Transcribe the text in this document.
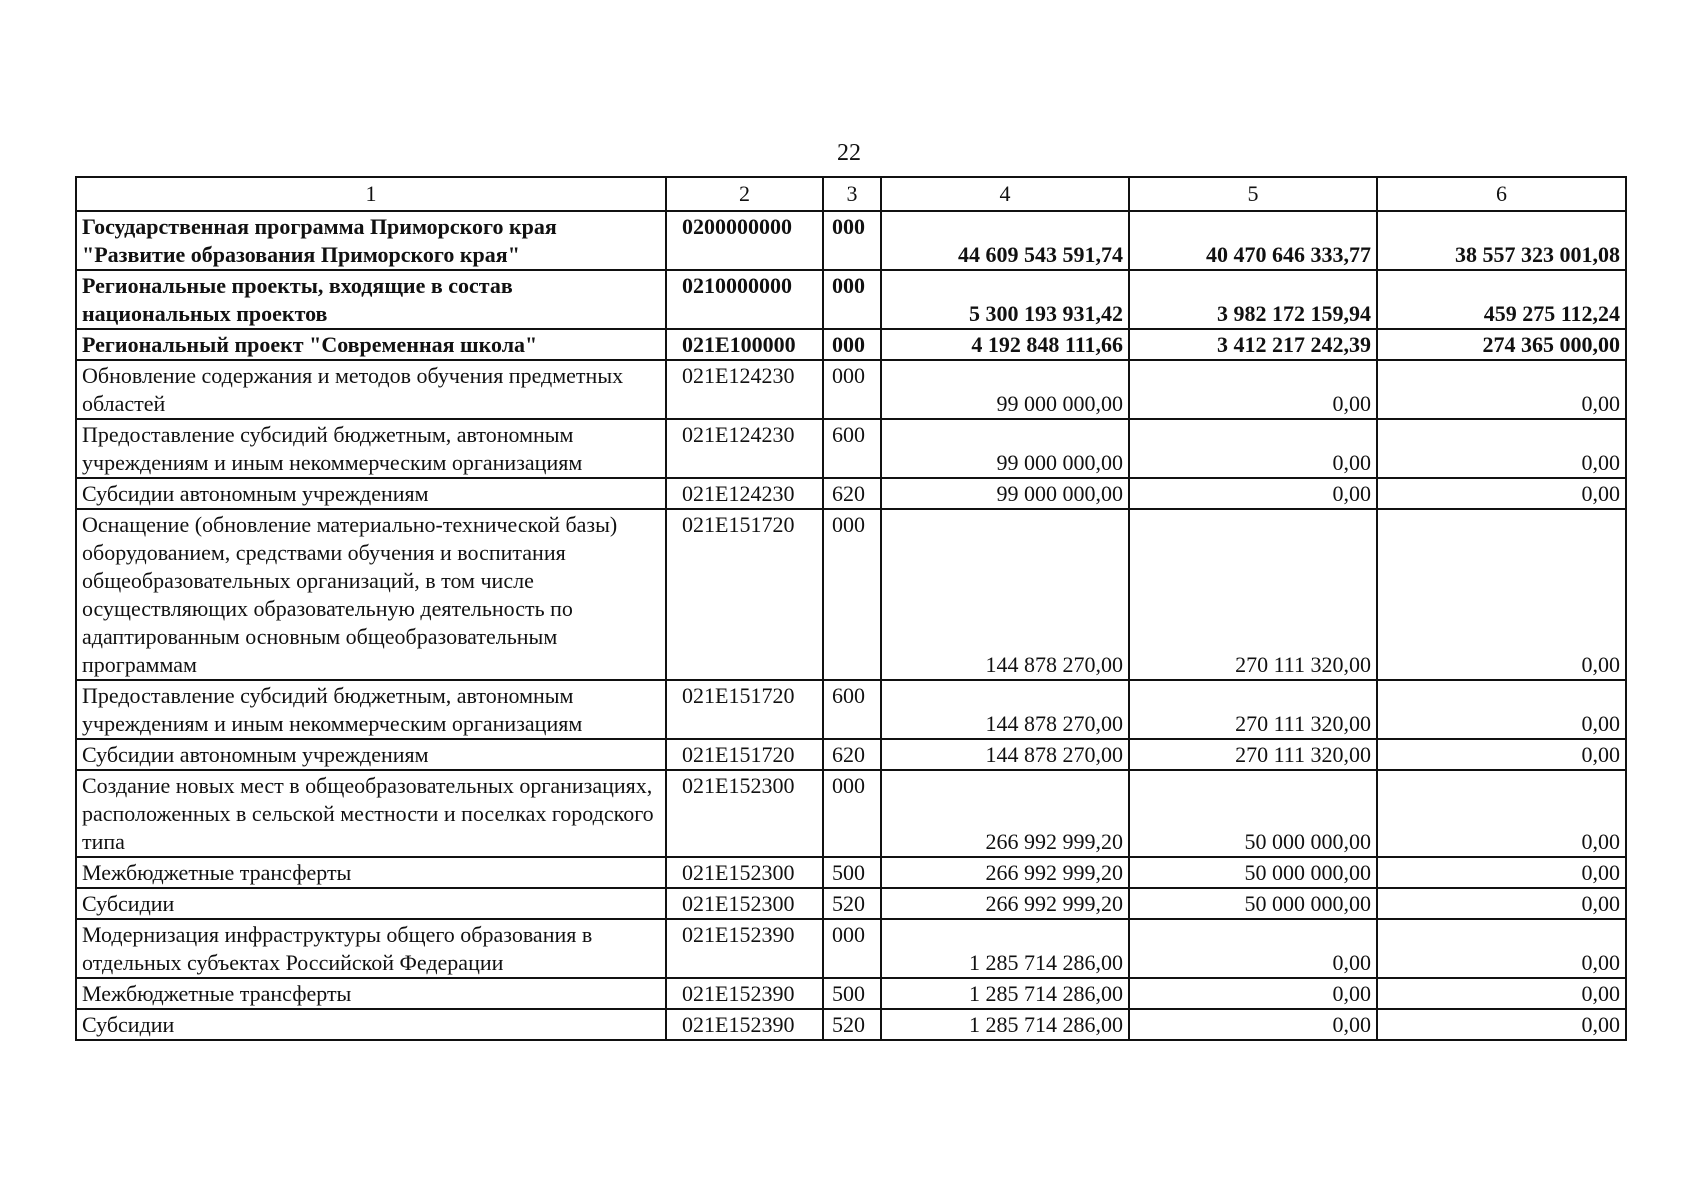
22
1	2	3	4	5	6
Государственная программа Приморского края "Развитие образования Приморского края"	0200000000	000	44 609 543 591,74	40 470 646 333,77	38 557 323 001,08
Региональные проекты, входящие в состав национальных проектов	0210000000	000	5 300 193 931,42	3 982 172 159,94	459 275 112,24
Региональный проект "Современная школа"	021E100000	000	4 192 848 111,66	3 412 217 242,39	274 365 000,00
Обновление содержания и методов обучения предметных областей	021E124230	000	99 000 000,00	0,00	0,00
Предоставление субсидий бюджетным, автономным учреждениям и иным некоммерческим организациям	021E124230	600	99 000 000,00	0,00	0,00
Субсидии автономным учреждениям	021E124230	620	99 000 000,00	0,00	0,00
Оснащение (обновление материально-технической базы) оборудованием, средствами обучения и воспитания общеобразовательных организаций, в том числе осуществляющих образовательную деятельность по адаптированным основным общеобразовательным программам	021E151720	000	144 878 270,00	270 111 320,00	0,00
Предоставление субсидий бюджетным, автономным учреждениям и иным некоммерческим организациям	021E151720	600	144 878 270,00	270 111 320,00	0,00
Субсидии автономным учреждениям	021E151720	620	144 878 270,00	270 111 320,00	0,00
Создание новых мест в общеобразовательных организациях, расположенных в сельской местности и поселках городского типа	021E152300	000	266 992 999,20	50 000 000,00	0,00
Межбюджетные трансферты	021E152300	500	266 992 999,20	50 000 000,00	0,00
Субсидии	021E152300	520	266 992 999,20	50 000 000,00	0,00
Модернизация инфраструктуры общего образования в отдельных субъектах Российской Федерации	021E152390	000	1 285 714 286,00	0,00	0,00
Межбюджетные трансферты	021E152390	500	1 285 714 286,00	0,00	0,00
Субсидии	021E152390	520	1 285 714 286,00	0,00	0,00
